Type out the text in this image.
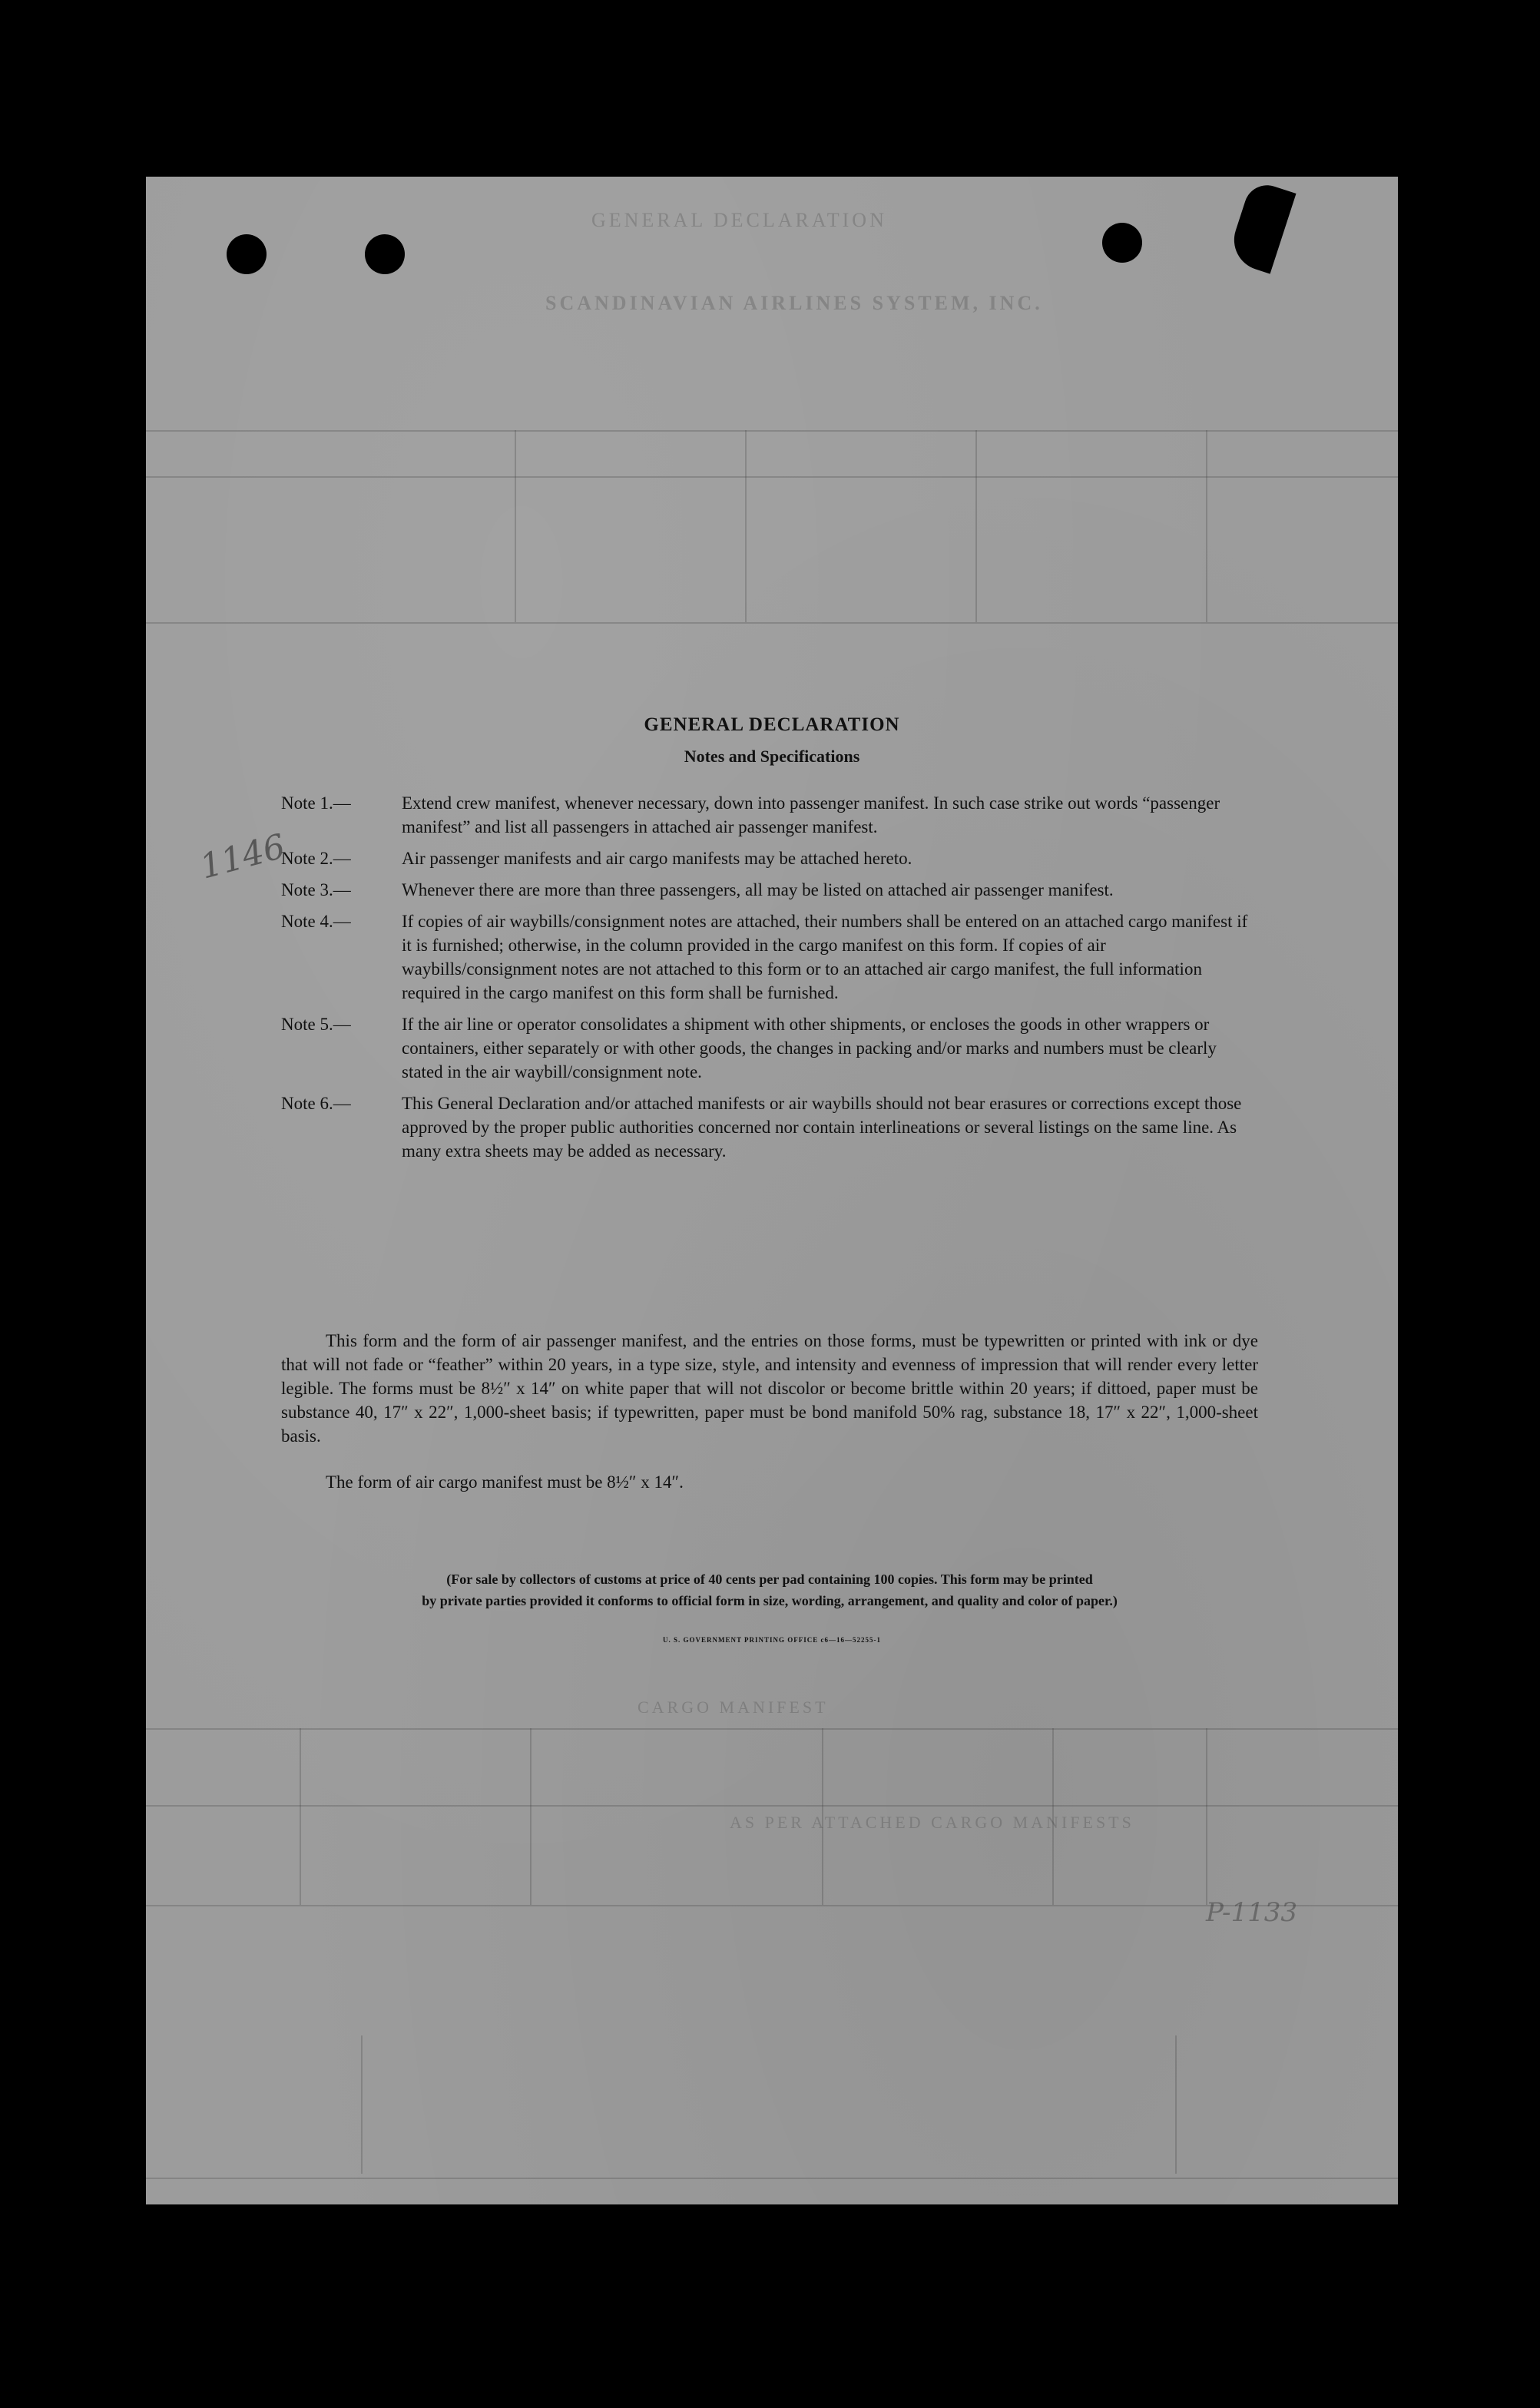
GENERAL DECLARATION
SCANDINAVIAN AIRLINES SYSTEM, INC.
CARGO MANIFEST
AS PER ATTACHED CARGO MANIFESTS
GENERAL DECLARATION
Notes and Specifications
Note 1.—	Extend crew manifest, whenever necessary, down into passenger manifest. In such case strike out words “passenger manifest” and list all passengers in attached air passenger manifest.
Note 2.—	Air passenger manifests and air cargo manifests may be attached hereto.
Note 3.—	Whenever there are more than three passengers, all may be listed on attached air passenger manifest.
Note 4.—	If copies of air waybills/consignment notes are attached, their numbers shall be entered on an attached cargo manifest if it is furnished; otherwise, in the column provided in the cargo manifest on this form. If copies of air waybills/consignment notes are not attached to this form or to an attached air cargo manifest, the full information required in the cargo manifest on this form shall be furnished.
Note 5.—	If the air line or operator consolidates a shipment with other shipments, or encloses the goods in other wrappers or containers, either separately or with other goods, the changes in packing and/or marks and numbers must be clearly stated in the air waybill/consignment note.
Note 6.—	This General Declaration and/or attached manifests or air waybills should not bear erasures or corrections except those approved by the proper public authorities concerned nor contain interlineations or several listings on the same line. As many extra sheets may be added as necessary.
This form and the form of air passenger manifest, and the entries on those forms, must be typewritten or printed with ink or dye that will not fade or “feather” within 20 years, in a type size, style, and intensity and evenness of impression that will render every letter legible. The forms must be 8½″ x 14″ on white paper that will not discolor or become brittle within 20 years; if dittoed, paper must be substance 40, 17″ x 22″, 1,000-sheet basis; if typewritten, paper must be bond manifold 50% rag, substance 18, 17″ x 22″, 1,000-sheet basis.
The form of air cargo manifest must be 8½″ x 14″.
(For sale by collectors of customs at price of 40 cents per pad containing 100 copies. This form may be printed
by private parties provided it conforms to official form in size, wording, arrangement, and quality and color of paper.)
U. S. GOVERNMENT PRINTING OFFICE c6—16—52255-1
1146
P-1133
